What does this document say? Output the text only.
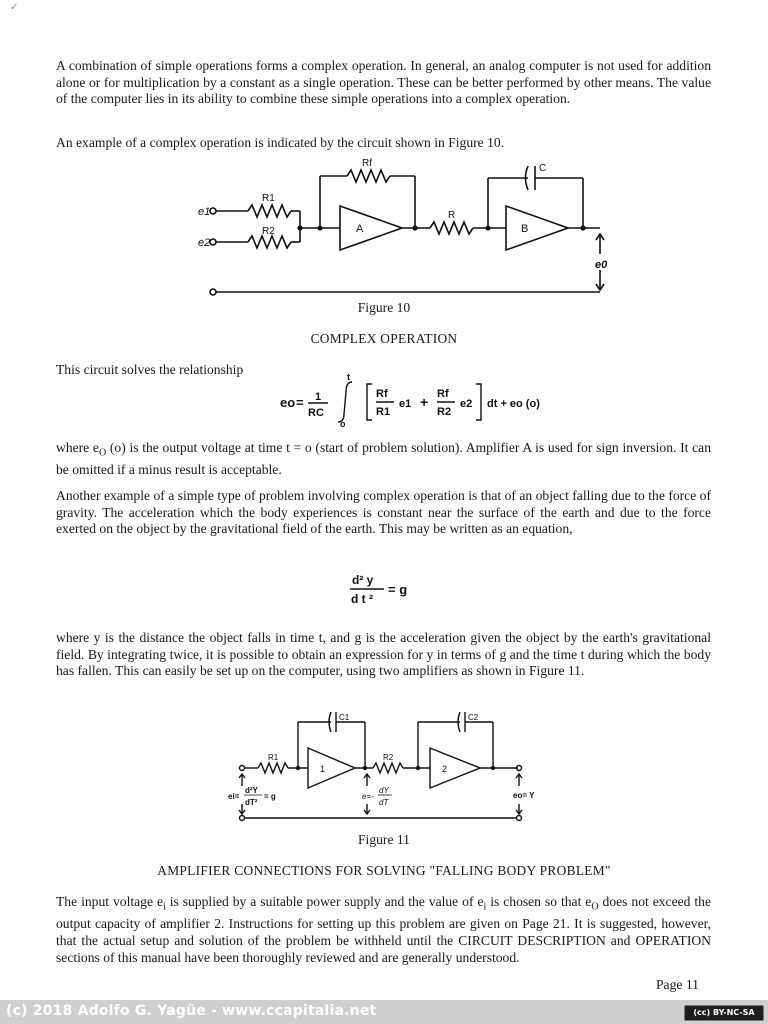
✓

A combination of simple operations forms a complex operation. In general, an analog computer is not used for addition alone or for multiplication by a constant as a single operation. These can be better performed by other means. The value of the computer lies in its ability to combine these simple operations into a complex operation.

An example of a complex operation is indicated by the circuit shown in Figure 10.

e1
e2
R1
R2
Rf
R
C
A	B
e0
Figure 10
COMPLEX OPERATION

This circuit solves the relationship

eo = 1
RC
t
o
Rf
R1
e1 + Rf
R2
e2 dt + eo (o)

where $e_O$ (o) is the output voltage at time t = o (start of problem solution). Amplifier A is used for sign inversion. It can be omitted if a minus result is acceptable.

Another example of a simple type of problem involving complex operation is that of an object falling due to the force of gravity. The acceleration which the body experiences is constant near the surface of the earth and due to the force exerted on the object by the gravitational field of the earth. This may be written as an equation,

d² y
d t ²
= g

where y is the distance the object falls in time t, and g is the acceleration given the object by the earth's gravitational field. By integrating twice, it is possible to obtain an expression for y in terms of g and the time t during which the body has fallen. This can easily be set up on the computer, using two amplifiers as shown in Figure 11.

R1	R2
C1	C2
1	2
ei=
d²Y
dT²
= g	e=-
dY
dT
eo= Y
Figure 11
AMPLIFIER CONNECTIONS FOR SOLVING "FALLING BODY PROBLEM"

The input voltage $e_i$ is supplied by a suitable power supply and the value of $e_i$ is chosen so that $e_O$ does not exceed the output capacity of amplifier 2. Instructions for setting up this problem are given on Page 21. It is suggested, however, that the actual setup and solution of the problem be withheld until the CIRCUIT DESCRIPTION and OPERATION sections of this manual have been thoroughly reviewed and are generally understood.

Page 11
(c) 2018 Adolfo G. Yagüe - www.ccapitalia.net	(cc) BY-NC-SA
